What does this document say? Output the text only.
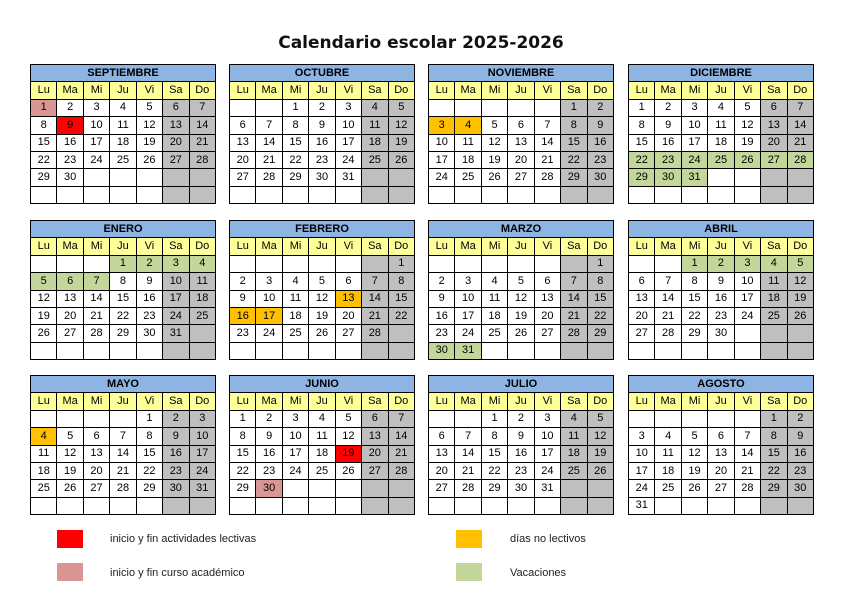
Calendario escolar 2025-2026
SEPTIEMBRE						
Lu	Ma	Mi	Ju	Vi	Sa	Do
1	2	3	4	5	6	7
8	9	10	11	12	13	14
15	16	17	18	19	20	21
22	23	24	25	26	27	28
29	30					

OCTUBRE						
Lu	Ma	Mi	Ju	Vi	Sa	Do
		1	2	3	4	5
6	7	8	9	10	11	12
13	14	15	16	17	18	19
20	21	22	23	24	25	26
27	28	29	30	31		

NOVIEMBRE						
Lu	Ma	Mi	Ju	Vi	Sa	Do
					1	2
3	4	5	6	7	8	9
10	11	12	13	14	15	16
17	18	19	20	21	22	23
24	25	26	27	28	29	30

DICIEMBRE						
Lu	Ma	Mi	Ju	Vi	Sa	Do
1	2	3	4	5	6	7
8	9	10	11	12	13	14
15	16	17	18	19	20	21
22	23	24	25	26	27	28
29	30	31				

ENERO						
Lu	Ma	Mi	Ju	Vi	Sa	Do
			1	2	3	4
5	6	7	8	9	10	11
12	13	14	15	16	17	18
19	20	21	22	23	24	25
26	27	28	29	30	31	

FEBRERO						
Lu	Ma	Mi	Ju	Vi	Sa	Do
						1
2	3	4	5	6	7	8
9	10	11	12	13	14	15
16	17	18	19	20	21	22
23	24	25	26	27	28	

MARZO						
Lu	Ma	Mi	Ju	Vi	Sa	Do
						1
2	3	4	5	6	7	8
9	10	11	12	13	14	15
16	17	18	19	20	21	22
23	24	25	26	27	28	29
30	31					
ABRIL						
Lu	Ma	Mi	Ju	Vi	Sa	Do
		1	2	3	4	5
6	7	8	9	10	11	12
13	14	15	16	17	18	19
20	21	22	23	24	25	26
27	28	29	30			

MAYO						
Lu	Ma	Mi	Ju	Vi	Sa	Do
				1	2	3
4	5	6	7	8	9	10
11	12	13	14	15	16	17
18	19	20	21	22	23	24
25	26	27	28	29	30	31

JUNIO						
Lu	Ma	Mi	Ju	Vi	Sa	Do
1	2	3	4	5	6	7
8	9	10	11	12	13	14
15	16	17	18	19	20	21
22	23	24	25	26	27	28
29	30					

JULIO						
Lu	Ma	Mi	Ju	Vi	Sa	Do
		1	2	3	4	5
6	7	8	9	10	11	12
13	14	15	16	17	18	19
20	21	22	23	24	25	26
27	28	29	30	31		

AGOSTO						
Lu	Ma	Mi	Ju	Vi	Sa	Do
					1	2
3	4	5	6	7	8	9
10	11	12	13	14	15	16
17	18	19	20	21	22	23
24	25	26	27	28	29	30
31						
inicio y fin actividades lectivas
inicio y fin curso académico
días no lectivos
Vacaciones
